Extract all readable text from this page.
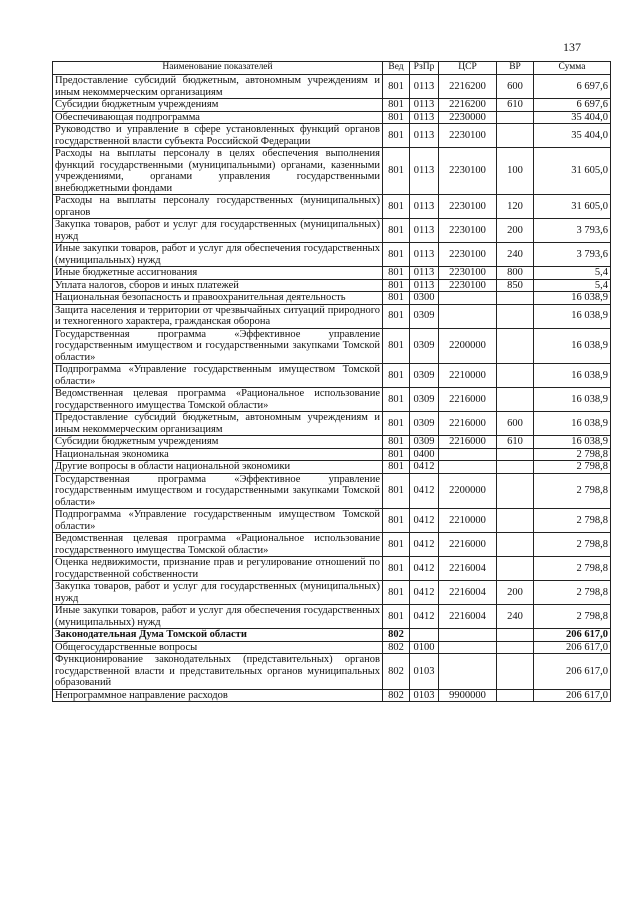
137
Наименование показателей	Вед	РзПр	ЦСР	ВР	Сумма
Предоставление субсидий бюджетным, автономным учреждениям и иным некоммерческим организациям	801	0113	2216200	600	6 697,6
Субсидии бюджетным учреждениям	801	0113	2216200	610	6 697,6
Обеспечивающая подпрограмма	801	0113	2230000		35 404,0
Руководство и управление в сфере установленных функций органов государственной власти субъекта Российской Федерации	801	0113	2230100		35 404,0
Расходы на выплаты персоналу в целях обеспечения выполнения функций государственными (муниципальными) органами, казенными учреждениями, органами управления государственными внебюджетными фондами	801	0113	2230100	100	31 605,0
Расходы на выплаты персоналу государственных (муниципальных) органов	801	0113	2230100	120	31 605,0
Закупка товаров, работ и услуг для государственных (муниципальных) нужд	801	0113	2230100	200	3 793,6
Иные закупки товаров, работ и услуг для обеспечения государственных (муниципальных) нужд	801	0113	2230100	240	3 793,6
Иные бюджетные ассигнования	801	0113	2230100	800	5,4
Уплата налогов, сборов и иных платежей	801	0113	2230100	850	5,4
Национальная безопасность и правоохранительная деятельность	801	0300			16 038,9
Защита населения и территории от чрезвычайных ситуаций природного и техногенного характера, гражданская оборона	801	0309			16 038,9
Государственная программа «Эффективное управление государственным имуществом и государственными закупками Томской области»	801	0309	2200000		16 038,9
Подпрограмма «Управление государственным имуществом Томской области»	801	0309	2210000		16 038,9
Ведомственная целевая программа «Рациональное использование государственного имущества Томской области»	801	0309	2216000		16 038,9
Предоставление субсидий бюджетным, автономным учреждениям и иным некоммерческим организациям	801	0309	2216000	600	16 038,9
Субсидии бюджетным учреждениям	801	0309	2216000	610	16 038,9
Национальная экономика	801	0400			2 798,8
Другие вопросы в области национальной экономики	801	0412			2 798,8
Государственная программа «Эффективное управление государственным имуществом и государственными закупками Томской области»	801	0412	2200000		2 798,8
Подпрограмма «Управление государственным имуществом Томской области»	801	0412	2210000		2 798,8
Ведомственная целевая программа «Рациональное использование государственного имущества Томской области»	801	0412	2216000		2 798,8
Оценка недвижимости, признание прав и регулирование отношений по государственной собственности	801	0412	2216004		2 798,8
Закупка товаров, работ и услуг для государственных (муниципальных) нужд	801	0412	2216004	200	2 798,8
Иные закупки товаров, работ и услуг для обеспечения государственных (муниципальных) нужд	801	0412	2216004	240	2 798,8
Законодательная Дума Томской области	802				206 617,0
Общегосударственные вопросы	802	0100			206 617,0
Функционирование законодательных (представительных) органов государственной власти и представительных органов муниципальных образований	802	0103			206 617,0
Непрограммное направление расходов	802	0103	9900000		206 617,0
